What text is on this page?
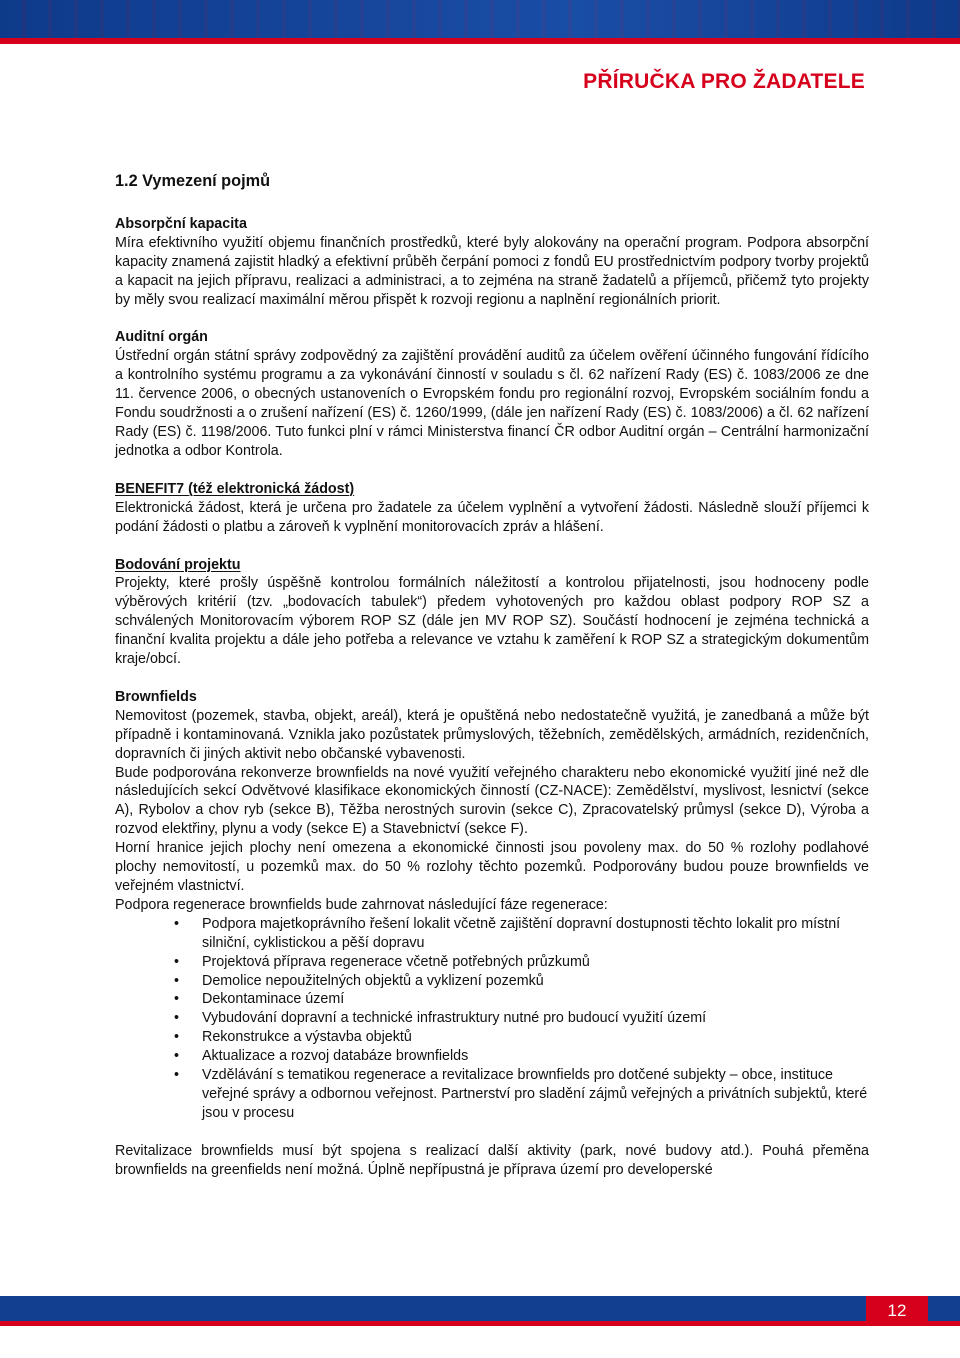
PŘÍRUČKA PRO ŽADATELE
1.2 Vymezení pojmů
Absorpční kapacita

Míra efektivního využití objemu finančních prostředků, které byly alokovány na operační program. Podpora absorpční kapacity znamená zajistit hladký a efektivní průběh čerpání pomoci z fondů EU prostřednictvím podpory tvorby projektů a kapacit na jejich přípravu, realizaci a administraci, a to zejména na straně žadatelů a příjemců, přičemž tyto projekty by měly svou realizací maximální měrou přispět k rozvoji regionu a naplnění regionálních priorit.

Auditní orgán

Ústřední orgán státní správy zodpovědný za zajištění provádění auditů za účelem ověření účinného fungování řídícího a kontrolního systému programu a za vykonávání činností v souladu s čl. 62 nařízení Rady (ES) č. 1083/2006 ze dne 11. července 2006, o obecných ustanoveních o Evropském fondu pro regionální rozvoj, Evropském sociálním fondu a Fondu soudržnosti a o zrušení nařízení (ES) č. 1260/1999, (dále jen nařízení Rady (ES) č. 1083/2006) a čl. 62 nařízení Rady (ES) č. 1198/2006. Tuto funkci plní v rámci Ministerstva financí ČR odbor Auditní orgán – Centrální harmonizační jednotka a odbor Kontrola.

BENEFIT7 (též elektronická žádost)

Elektronická žádost, která je určena pro žadatele za účelem vyplnění a vytvoření žádosti. Následně slouží příjemci k podání žádosti o platbu a zároveň k vyplnění monitorovacích zpráv a hlášení.

Bodování projektu

Projekty, které prošly úspěšně kontrolou formálních náležitostí a kontrolou přijatelnosti, jsou hodnoceny podle výběrových kritérií (tzv. „bodovacích tabulek“) předem vyhotovených pro každou oblast podpory ROP SZ a schválených Monitorovacím výborem ROP SZ (dále jen MV ROP SZ). Součástí hodnocení je zejména technická a finanční kvalita projektu a dále jeho potřeba a relevance ve vztahu k zaměření k ROP SZ a strategickým dokumentům kraje/obcí.

Brownfields

Nemovitost (pozemek, stavba, objekt, areál), která je opuštěná nebo nedostatečně využitá, je zanedbaná a může být případně i kontaminovaná. Vznikla jako pozůstatek průmyslových, těžebních, zemědělských, armádních, rezidenčních, dopravních či jiných aktivit nebo občanské vybavenosti.

Bude podporována rekonverze brownfields na nové využití veřejného charakteru nebo ekonomické využití jiné než dle následujících sekcí Odvětvové klasifikace ekonomických činností (CZ-NACE): Zemědělství, myslivost, lesnictví (sekce A), Rybolov a chov ryb (sekce B), Těžba nerostných surovin (sekce C), Zpracovatelský průmysl (sekce D), Výroba a rozvod elektřiny, plynu a vody (sekce E) a Stavebnictví (sekce F).

Horní hranice jejich plochy není omezena a ekonomické činnosti jsou povoleny max. do 50 % rozlohy podlahové plochy nemovitostí, u pozemků max. do 50 % rozlohy těchto pozemků. Podporovány budou pouze brownfields ve veřejném vlastnictví.

Podpora regenerace brownfields bude zahrnovat následující fáze regenerace:

• Podpora majetkoprávního řešení lokalit včetně zajištění dopravní dostupnosti těchto lokalit pro místní silniční, cyklistickou a pěší dopravu
• Projektová příprava regenerace včetně potřebných průzkumů
• Demolice nepoužitelných objektů a vyklizení pozemků
• Dekontaminace území
• Vybudování dopravní a technické infrastruktury nutné pro budoucí využití území
• Rekonstrukce a výstavba objektů
• Aktualizace a rozvoj databáze brownfields
• Vzdělávání s tematikou regenerace a revitalizace brownfields pro dotčené subjekty – obce, instituce veřejné správy a odbornou veřejnost. Partnerství pro sladění zájmů veřejných a privátních subjektů, které jsou v procesu

Revitalizace brownfields musí být spojena s realizací další aktivity (park, nové budovy atd.). Pouhá přeměna brownfields na greenfields není možná. Úplně nepřípustná je příprava území pro developerské

12
